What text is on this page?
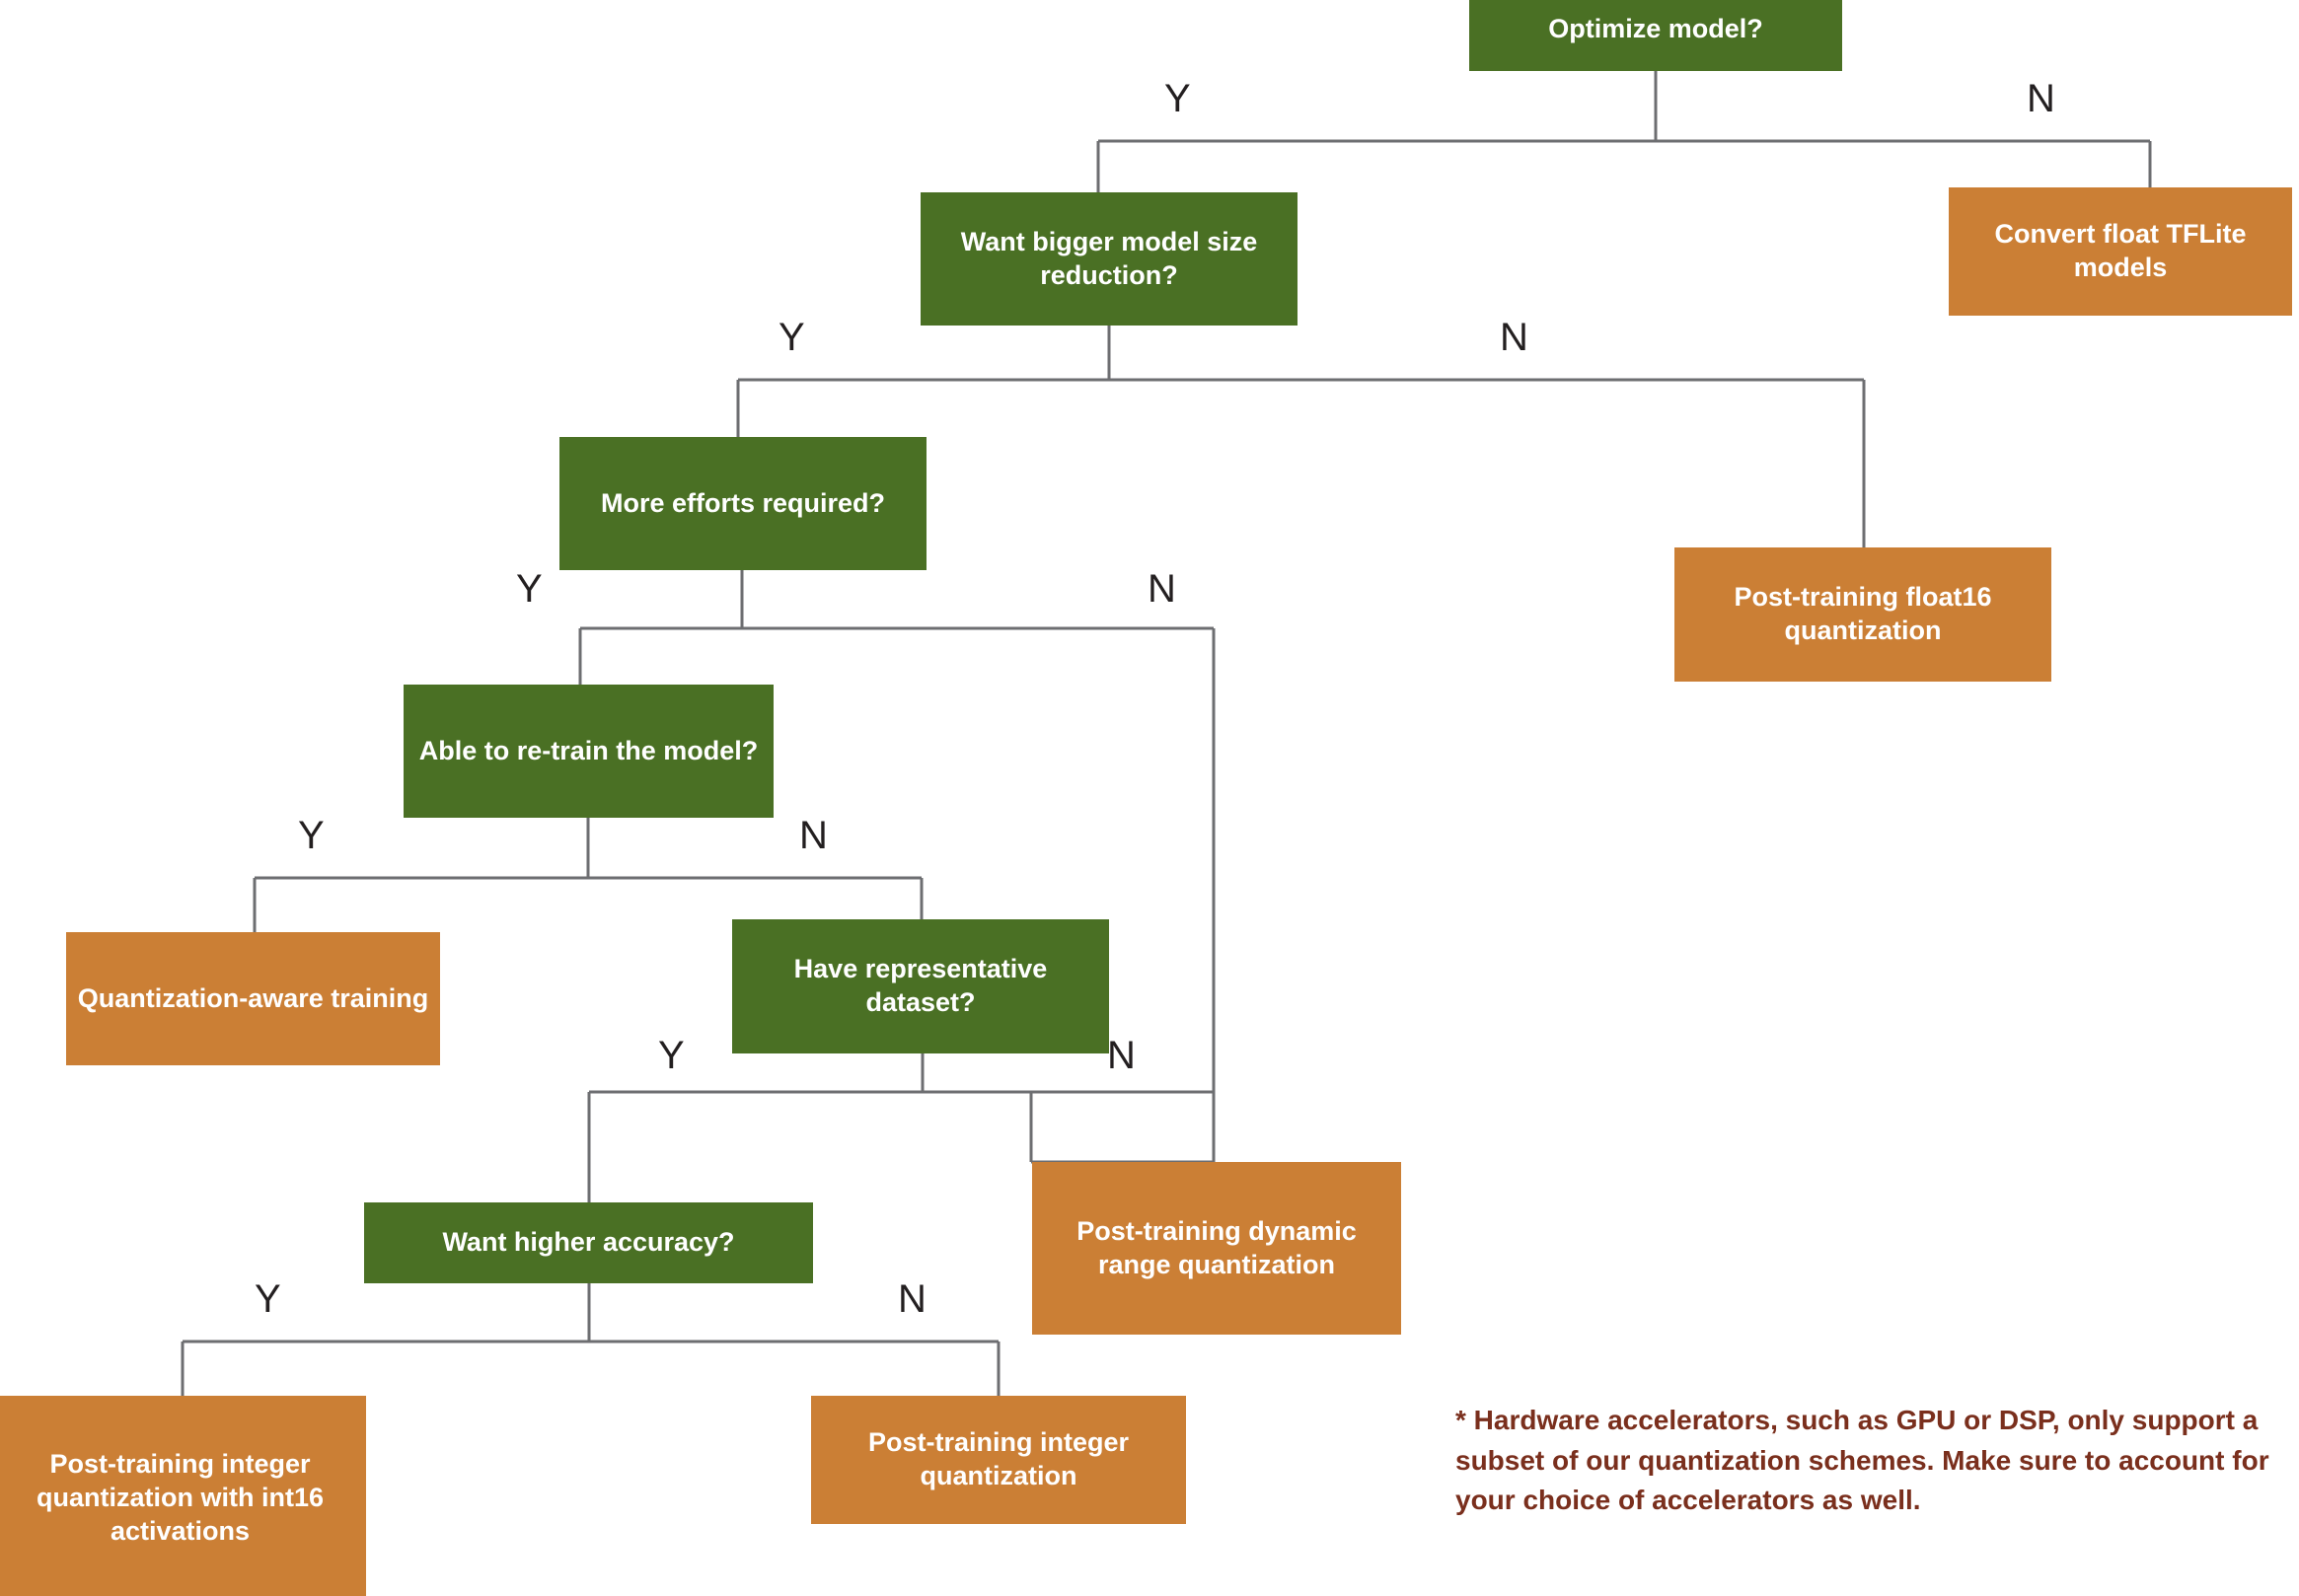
Optimize model?
Convert float TFLite models
Want bigger model size reduction?
Post-training float16 quantization
More efforts required?
Able to re-train the model?
Quantization-aware training
Have representative dataset?
Post-training dynamic range quantization
Want higher accuracy?
Post-training integer quantization with int16 activations
Post-training integer quantization
Y	N
Y	N
Y	N
Y	N
Y	N
Y	N
* Hardware accelerators, such as GPU or DSP, only support a subset of our quantization schemes. Make sure to account for your choice of accelerators as well.
